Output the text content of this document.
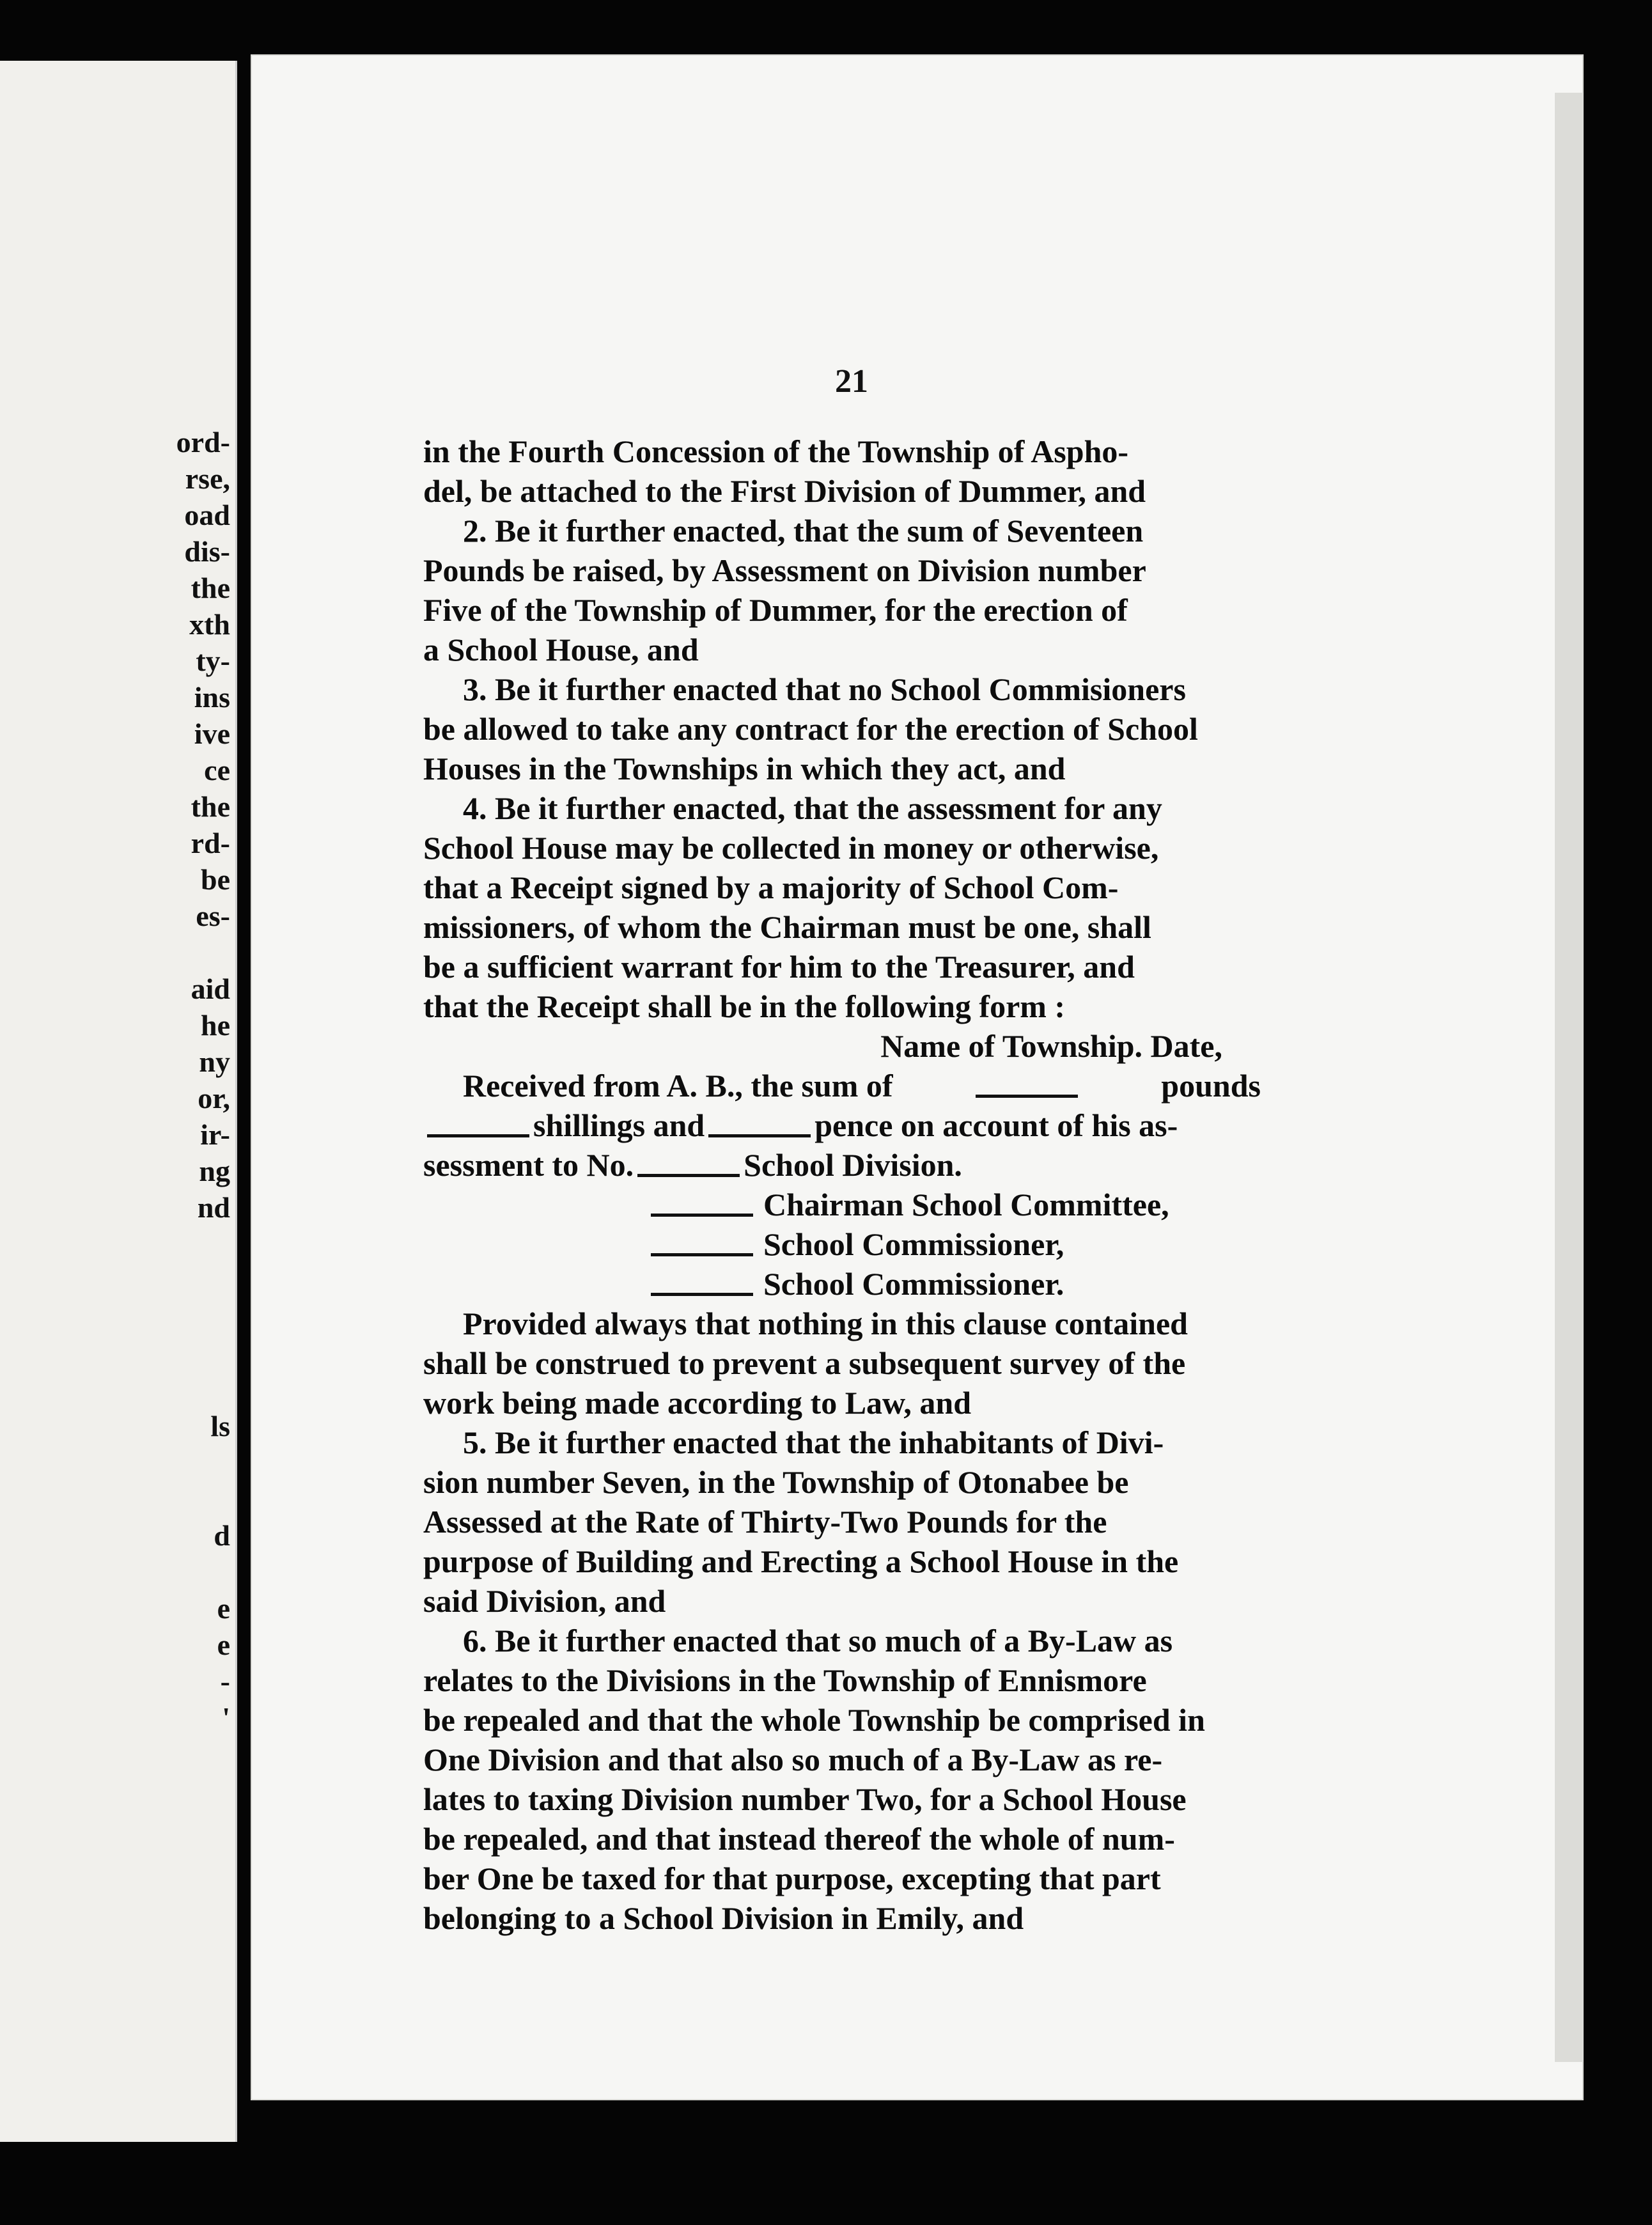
ord-
rse,
oad
dis-
the
xth
ty-
ins
ive
ce
the
rd-
be
es-

aid
he
ny
or,
ir-
ng
nd

ls

d

e
e
-
'
21
in the Fourth Concession of the Township of Aspho-
del, be attached to the First Division of Dummer, and
2. Be it further enacted, that the sum of Seventeen
Pounds be raised, by Assessment on Division number
Five of the Township of Dummer, for the erection of
a School House, and
3. Be it further enacted that no School Commisioners
be allowed to take any contract for the erection of School
Houses in the Townships in which they act, and
4. Be it further enacted, that the assessment for any
School House may be collected in money or otherwise,
that a Receipt signed by a majority of School Com-
missioners, of whom the Chairman must be one, shall
be a sufficient warrant for him to the Treasurer, and
that the Receipt shall be in the following form :
Name of Township. Date,
Received from A. B., the sum of	pounds
shillings and	pence on account of his as-
sessment to No.	School Division.
Chairman School Committee,
School Commissioner,
School Commissioner.
Provided always that nothing in this clause contained
shall be construed to prevent a subsequent survey of the
work being made according to Law, and
5. Be it further enacted that the inhabitants of Divi-
sion number Seven, in the Township of Otonabee be
Assessed at the Rate of Thirty-Two Pounds for the
purpose of Building and Erecting a School House in the
said Division, and
6. Be it further enacted that so much of a By-Law as
relates to the Divisions in the Township of Ennismore
be repealed and that the whole Township be comprised in
One Division and that also so much of a By-Law as re-
lates to taxing Division number Two, for a School House
be repealed, and that instead thereof the whole of num-
ber One be taxed for that purpose, excepting that part
belonging to a School Division in Emily, and
